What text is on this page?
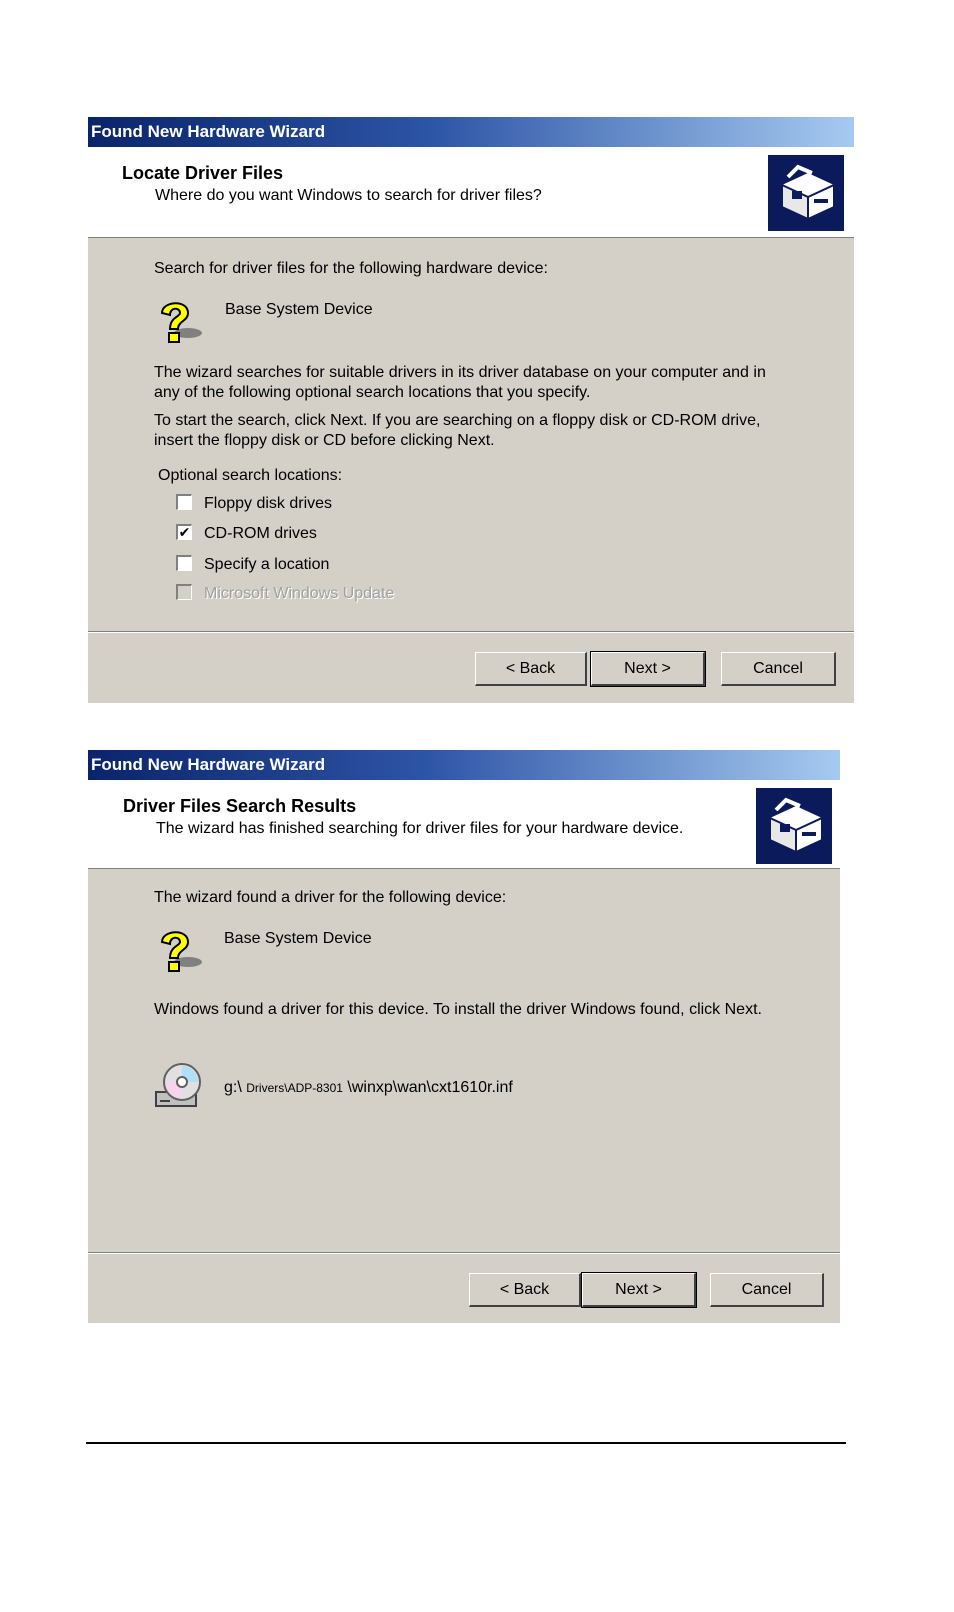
Found New Hardware Wizard
Locate Driver Files
Where do you want Windows to search for driver files?
Search for driver files for the following hardware device:
Base System Device
The wizard searches for suitable drivers in its driver database on your computer and in
any of the following optional search locations that you specify.
To start the search, click Next. If you are searching on a floppy disk or CD-ROM drive,
insert the floppy disk or CD before clicking Next.
Optional search locations:
Floppy disk drives
✔ CD-ROM drives
Specify a location
Microsoft Windows Update
< Back	Next >	Cancel
Found New Hardware Wizard
Driver Files Search Results
The wizard has finished searching for driver files for your hardware device.
The wizard found a driver for the following device:
Base System Device
Windows found a driver for this device. To install the driver Windows found, click Next.
g:\ Drivers\ADP-8301 \winxp\wan\cxt1610r.inf
< Back	Next >	Cancel
